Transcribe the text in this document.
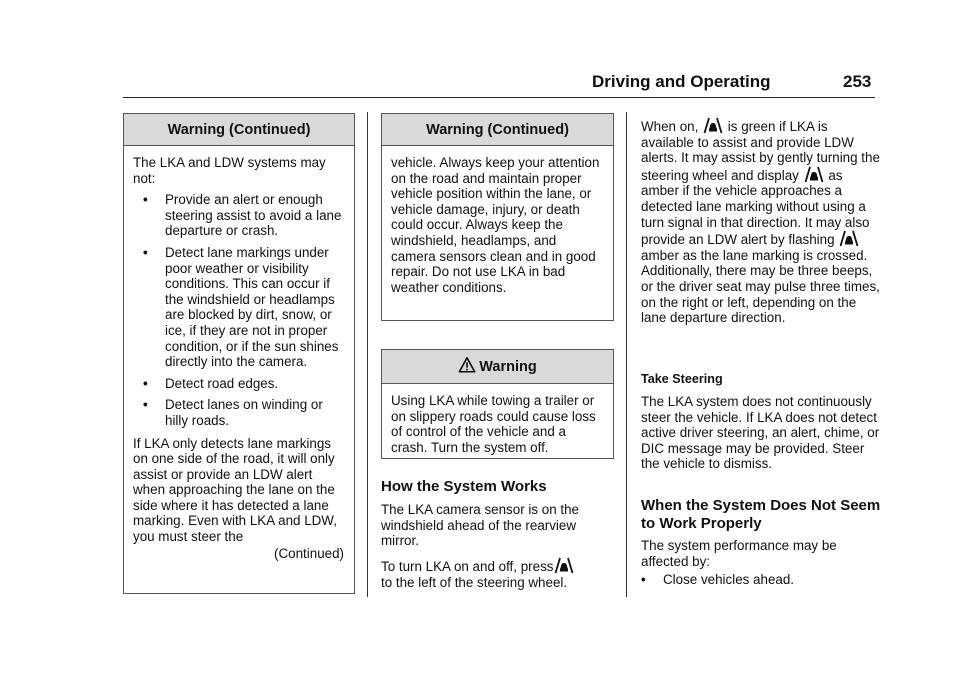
Driving and Operating	253
Warning (Continued)
The LKA and LDW systems may not:
•	Provide an alert or enough steering assist to avoid a lane departure or crash.
•	Detect lane markings under poor weather or visibility conditions. This can occur if the windshield or headlamps are blocked by dirt, snow, or ice, if they are not in proper condition, or if the sun shines directly into the camera.
•	Detect road edges.
•	Detect lanes on winding or hilly roads.
If LKA only detects lane markings on one side of the road, it will only assist or provide an LDW alert when approaching the lane on the side where it has detected a lane marking. Even with LKA and LDW, you must steer the
(Continued)
Warning (Continued)
vehicle. Always keep your attention on the road and maintain proper vehicle position within the lane, or vehicle damage, injury, or death could occur. Always keep the windshield, headlamps, and camera sensors clean and in good repair. Do not use LKA in bad weather conditions.
Warning
Using LKA while towing a trailer or on slippery roads could cause loss of control of the vehicle and a crash. Turn the system off.
How the System Works
The LKA camera sensor is on the windshield ahead of the rearview mirror.
To turn LKA on and off, press
to the left of the steering wheel.
When on, is green if LKA is available to assist and provide LDW alerts. It may assist by gently turning the steering wheel and display as amber if the vehicle approaches a detected lane marking without using a turn signal in that direction. It may also provide an LDW alert by flashing  amber as the lane marking is crossed. Additionally, there may be three beeps, or the driver seat may pulse three times, on the right or left, depending on the lane departure direction.
Take Steering
The LKA system does not continuously steer the vehicle. If LKA does not detect active driver steering, an alert, chime, or DIC message may be provided. Steer the vehicle to dismiss.
When the System Does Not Seem to Work Properly
The system performance may be affected by:
•	Close vehicles ahead.
